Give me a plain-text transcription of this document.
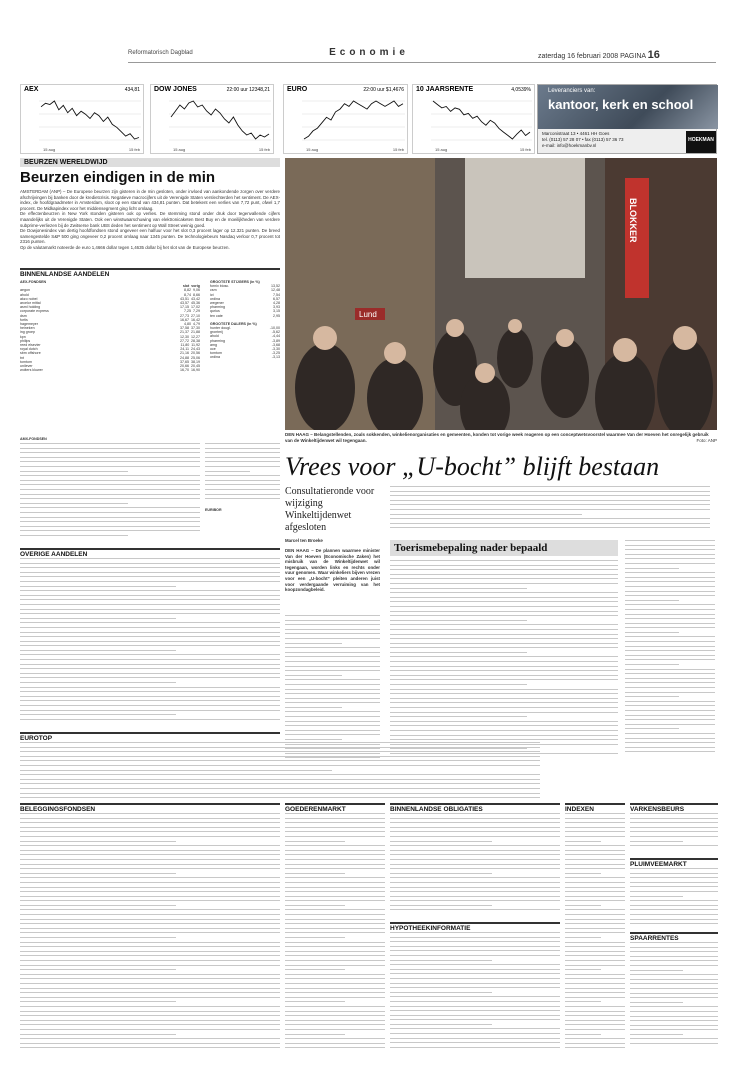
Reformatorisch Dagblad	Economie	zaterdag 16 februari 2008 PAGINA 16
AEX	434,81
15 aug	15 feb
DOW JONES	22:00 uur 12348,21
15 aug	15 feb
EURO	22:00 uur $1,4676
15 aug	15 feb
10 JAARSRENTE	4,0539%
15 aug	15 feb
Leveranciers van:
kantoor, kerk en school
Marconistraat 13 • 4461 HH Goes
tel. (0113) 57 28 07 • fax (0113) 57 36 73
e-mail: info@hoekmanbv.nl
HOEKMAN
BEURZEN WERELDWIJD
Beurzen eindigen in de min

AMSTERDAM (ANP) – De Europese beurzen zijn gisteren in de min gesloten, onder invloed van aankondende zorgen over verdere afschrijvingen bij banken door de kredietcrisis. Negatieve macrocijfers uit de Verenigde Staten verslechterden het sentiment. De AEX-index, de hoofdgraadmeter in Amsterdam, sloot op een stand van 434,81 punten. Dat betekent een verlies van 7,72 punt, ofwel 1,7 procent. De Midkapindex voor het middensegment ging licht omlaag.

De effectenbeurzen in New York stonden gisteren ook op verlies. De stemming stond onder druk door tegenvallende cijfers maandelijks uit de Verenigde Staten. Ook een winstwaarschuwing van elektronicaketen Best Buy en de moeilijkheden van verdere subprime-verliezen bij de Zwitserse bank UBS deden het sentiment op Wall Street weinig goed.

De Dowjonesindex van dertig hoofdfondsen stond ongeveer een halfuur voor het slot 0,3 procent lager op 12.321 punten. De breed samengestelde S&P 500 ging ongeveer 0,2 procent omlaag naar 1345 punten. De technologiebeurs Nasdaq verloor 0,7 procent tot 2316 punten.

Op de valutamarkt noteerde de euro 1,4666 dollar tegen 1,4635 dollar bij het slot van de Europese beurzen.

BINNENLANDSE AANDELEN
AEX-FONDSEN
slot vorig
aegon	8,82 9,06
ahold	8,74 8,66
akzo nobel	43,51 43,42
arcelor mittal	43,57 45,36
asml holding	17,15 17,02
corporate express	7,25 7,29
dsm	27,73 27,10
fortis	16,67 16,42
hagemeyer	4,80 4,79
heineken	37,58 37,30
ing groep	21,37 21,88
kpn	12,30 12,27
philips	27,72 28,38
reed elsevier	11,80 11,92
royal dutch	24,11 24,43
sbm offshore	21,16 20,56
tnt	24,88 25,06
tomtom	37,65 38,19
unilever	20,66 20,45
wolters kluwer	16,70 16,90
GROOTSTE STIJGERS (in %)
fornix biosc.	13,52
csm	12,48
ict	7,54
ordina	6,57
wegener	4,28
pharming	3,93
qurius	3,15
ten cate	2,95
GROOTSTE DALERS (in %)
hunter dougl.	-10,00
grontmij	-5,62
ahold	-4,44
pharming	-3,89
amg	-3,68
oce	-3,30
tomtom	-3,25
ordina	-3,13
AMX-FONDSEN
EURIBOR
OVERIGE AANDELEN
EUROTOP
BLOKKER
Lund
DEN HAAG – Belangstellenden, zoals sokkenden, winkelienorganisaties en gemeenten, konden tot vorige week reageren op een conceptwetsvoorstel waarmee Van der Hoeven het onregelijk gebruik van de Winkeltijdenwet wil tegengaan.	Foto: ANP
Vrees voor „U-bocht” blijft bestaan
Consultatieronde voor wijziging Winkeltijdenwet afgesloten
Marcel ten Broeke
DEN HAAG – De plannen waarmee minister Van der Hoeven (Economische Zaken) het misbruik van de Winkeltijdenwet wil tegengaan, worden links en rechts onder vuur genomen. Waar winkeliers bijven vrezen voor een „U-bocht” pleiten anderen juist voor verdergaande verruiming van het koopzondagbeleid.
Toerismebepaling nader bepaald
BELEGGINGSFONDSEN	GOEDERENMARKT	BINNENLANDSE OBLIGATIES
HYPOTHEEKINFORMATIE
INDEXEN	VARKENSBEURS
PLUIMVEEMARKT
SPAARRENTES
